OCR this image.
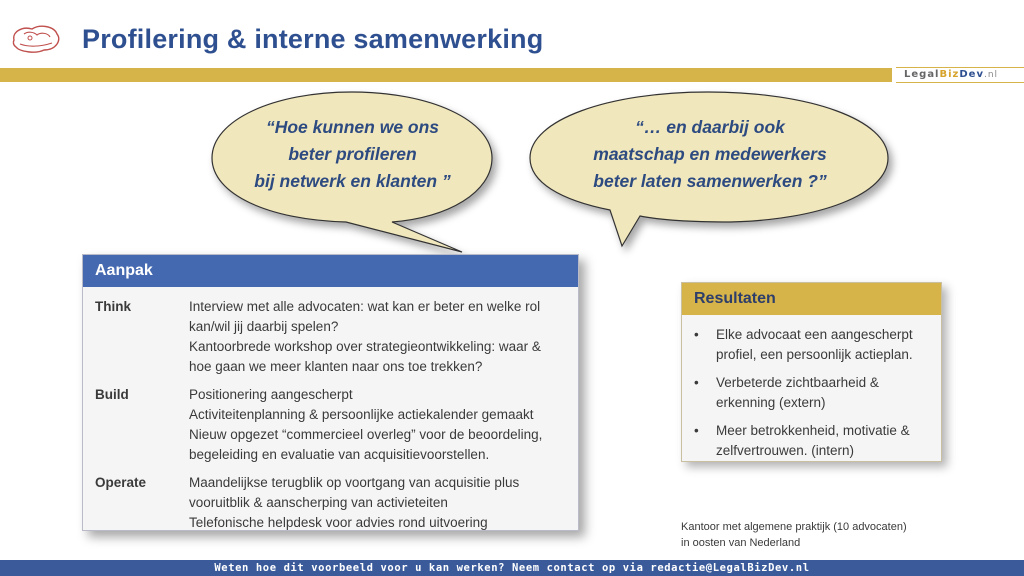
Profilering & interne samenwerking
LegalBizDev.nl
“Hoe kunnen we ons
beter profileren
bij netwerk en klanten ”
“… en daarbij ook
maatschap en medewerkers
beter laten samenwerken ?”
Aanpak
Think	Interview met alle advocaten: wat kan er beter en welke rol
kan/wil jij daarbij spelen?
Kantoorbrede workshop over strategieontwikkeling: waar &
hoe gaan we meer klanten naar ons toe trekken?
Build	Positionering aangescherpt
Activiteitenplanning & persoonlijke actiekalender gemaakt
Nieuw opgezet “commercieel overleg” voor de beoordeling,
begeleiding en evaluatie van acquisitievoorstellen.
Operate	Maandelijkse terugblik op voortgang van acquisitie plus
vooruitblik & aanscherping van activieteiten
Telefonische helpdesk voor advies rond uitvoering
Resultaten
•	Elke advocaat een aangescherpt
profiel, een persoonlijk actieplan.
•	Verbeterde zichtbaarheid &
erkenning (extern)
•	Meer betrokkenheid, motivatie &
zelfvertrouwen. (intern)
Kantoor met algemene praktijk (10 advocaten)
in oosten van Nederland
Weten hoe dit voorbeeld voor u kan werken? Neem contact op via redactie@LegalBizDev.nl
